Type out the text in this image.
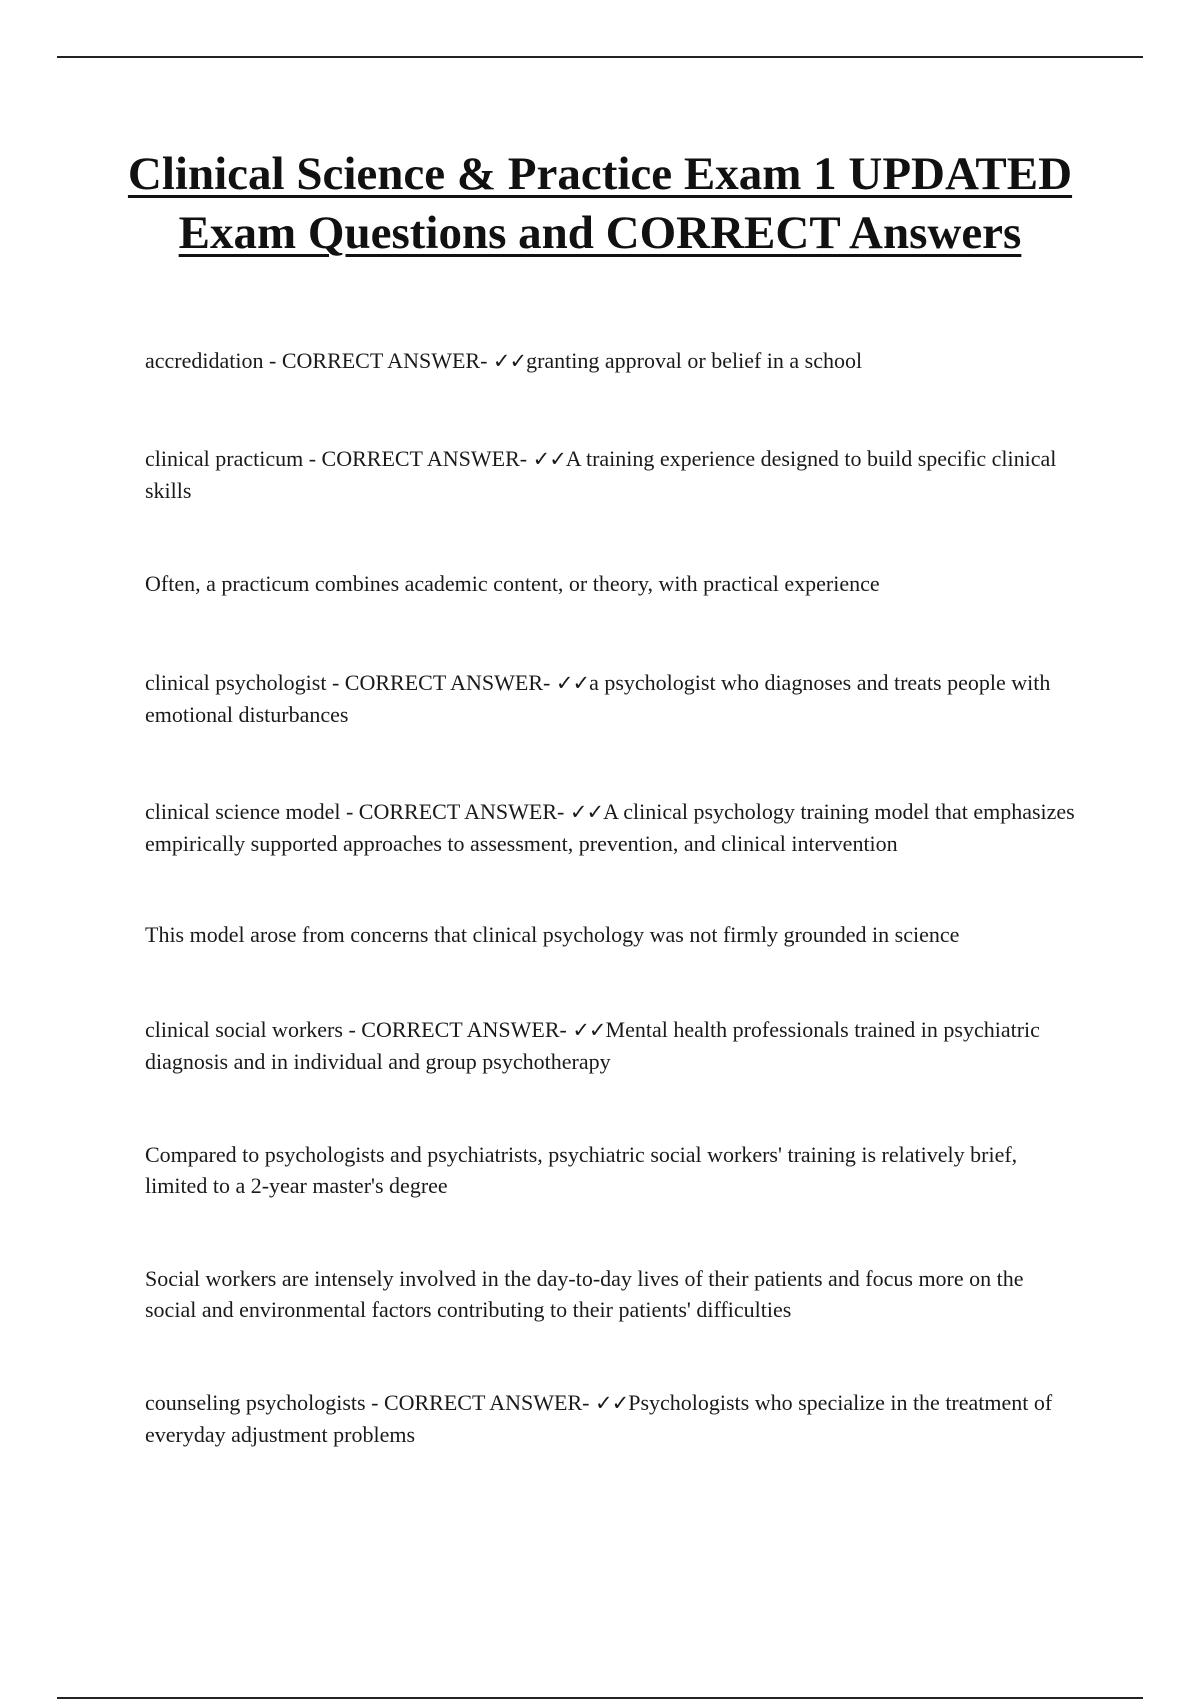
Clinical Science & Practice Exam 1 UPDATED Exam Questions and CORRECT Answers

accredidation - CORRECT ANSWER- ✓✓granting approval or belief in a school

clinical practicum - CORRECT ANSWER- ✓✓A training experience designed to build specific clinical skills

Often, a practicum combines academic content, or theory, with practical experience

clinical psychologist - CORRECT ANSWER- ✓✓a psychologist who diagnoses and treats people with emotional disturbances

clinical science model - CORRECT ANSWER- ✓✓A clinical psychology training model that emphasizes empirically supported approaches to assessment, prevention, and clinical intervention

This model arose from concerns that clinical psychology was not firmly grounded in science

clinical social workers - CORRECT ANSWER- ✓✓Mental health professionals trained in psychiatric diagnosis and in individual and group psychotherapy

Compared to psychologists and psychiatrists, psychiatric social workers' training is relatively brief, limited to a 2-year master's degree

Social workers are intensely involved in the day-to-day lives of their patients and focus more on the social and environmental factors contributing to their patients' difficulties

counseling psychologists - CORRECT ANSWER- ✓✓Psychologists who specialize in the treatment of everyday adjustment problems
